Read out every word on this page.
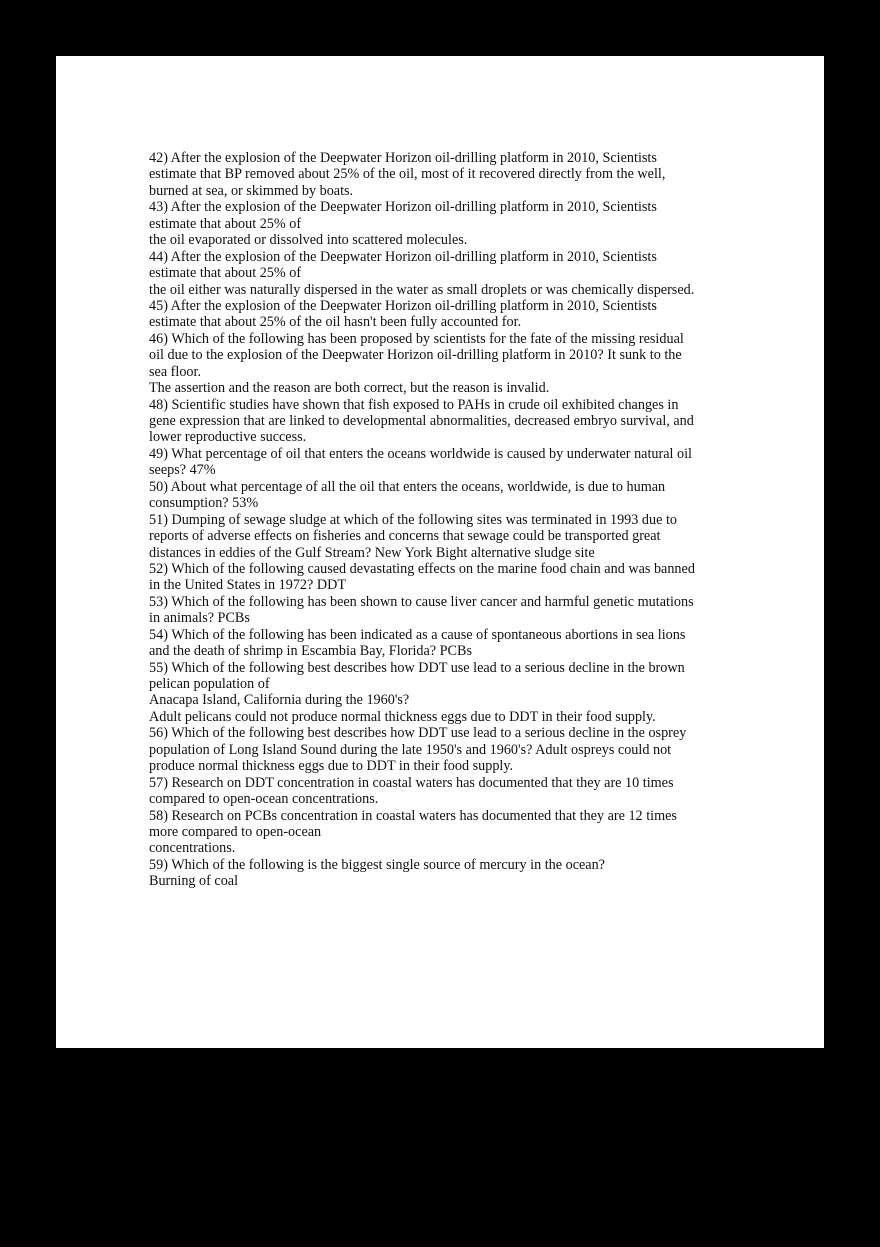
42) After the explosion of the Deepwater Horizon oil-drilling platform in 2010, Scientists
estimate that BP removed about 25% of the oil, most of it recovered directly from the well,
burned at sea, or skimmed by boats.
43) After the explosion of the Deepwater Horizon oil-drilling platform in 2010, Scientists
estimate that about 25% of
the oil evaporated or dissolved into scattered molecules.
44) After the explosion of the Deepwater Horizon oil-drilling platform in 2010, Scientists
estimate that about 25% of
the oil either was naturally dispersed in the water as small droplets or was chemically dispersed.
45) After the explosion of the Deepwater Horizon oil-drilling platform in 2010, Scientists
estimate that about 25% of the oil hasn't been fully accounted for.
46) Which of the following has been proposed by scientists for the fate of the missing residual
oil due to the explosion of the Deepwater Horizon oil-drilling platform in 2010? It sunk to the
sea floor.
The assertion and the reason are both correct, but the reason is invalid.
48) Scientific studies have shown that fish exposed to PAHs in crude oil exhibited changes in
gene expression that are linked to developmental abnormalities, decreased embryo survival, and
lower reproductive success.
49) What percentage of oil that enters the oceans worldwide is caused by underwater natural oil
seeps? 47%
50) About what percentage of all the oil that enters the oceans, worldwide, is due to human
consumption? 53%
51) Dumping of sewage sludge at which of the following sites was terminated in 1993 due to
reports of adverse effects on fisheries and concerns that sewage could be transported great
distances in eddies of the Gulf Stream? New York Bight alternative sludge site
52) Which of the following caused devastating effects on the marine food chain and was banned
in the United States in 1972? DDT
53) Which of the following has been shown to cause liver cancer and harmful genetic mutations
in animals? PCBs
54) Which of the following has been indicated as a cause of spontaneous abortions in sea lions
and the death of shrimp in Escambia Bay, Florida? PCBs
55) Which of the following best describes how DDT use lead to a serious decline in the brown
pelican population of
Anacapa Island, California during the 1960's?
Adult pelicans could not produce normal thickness eggs due to DDT in their food supply.
56) Which of the following best describes how DDT use lead to a serious decline in the osprey
population of Long Island Sound during the late 1950's and 1960's? Adult ospreys could not
produce normal thickness eggs due to DDT in their food supply.
57) Research on DDT concentration in coastal waters has documented that they are 10 times
compared to open-ocean concentrations.
58) Research on PCBs concentration in coastal waters has documented that they are 12 times
more compared to open-ocean
concentrations.
59) Which of the following is the biggest single source of mercury in the ocean?
Burning of coal
